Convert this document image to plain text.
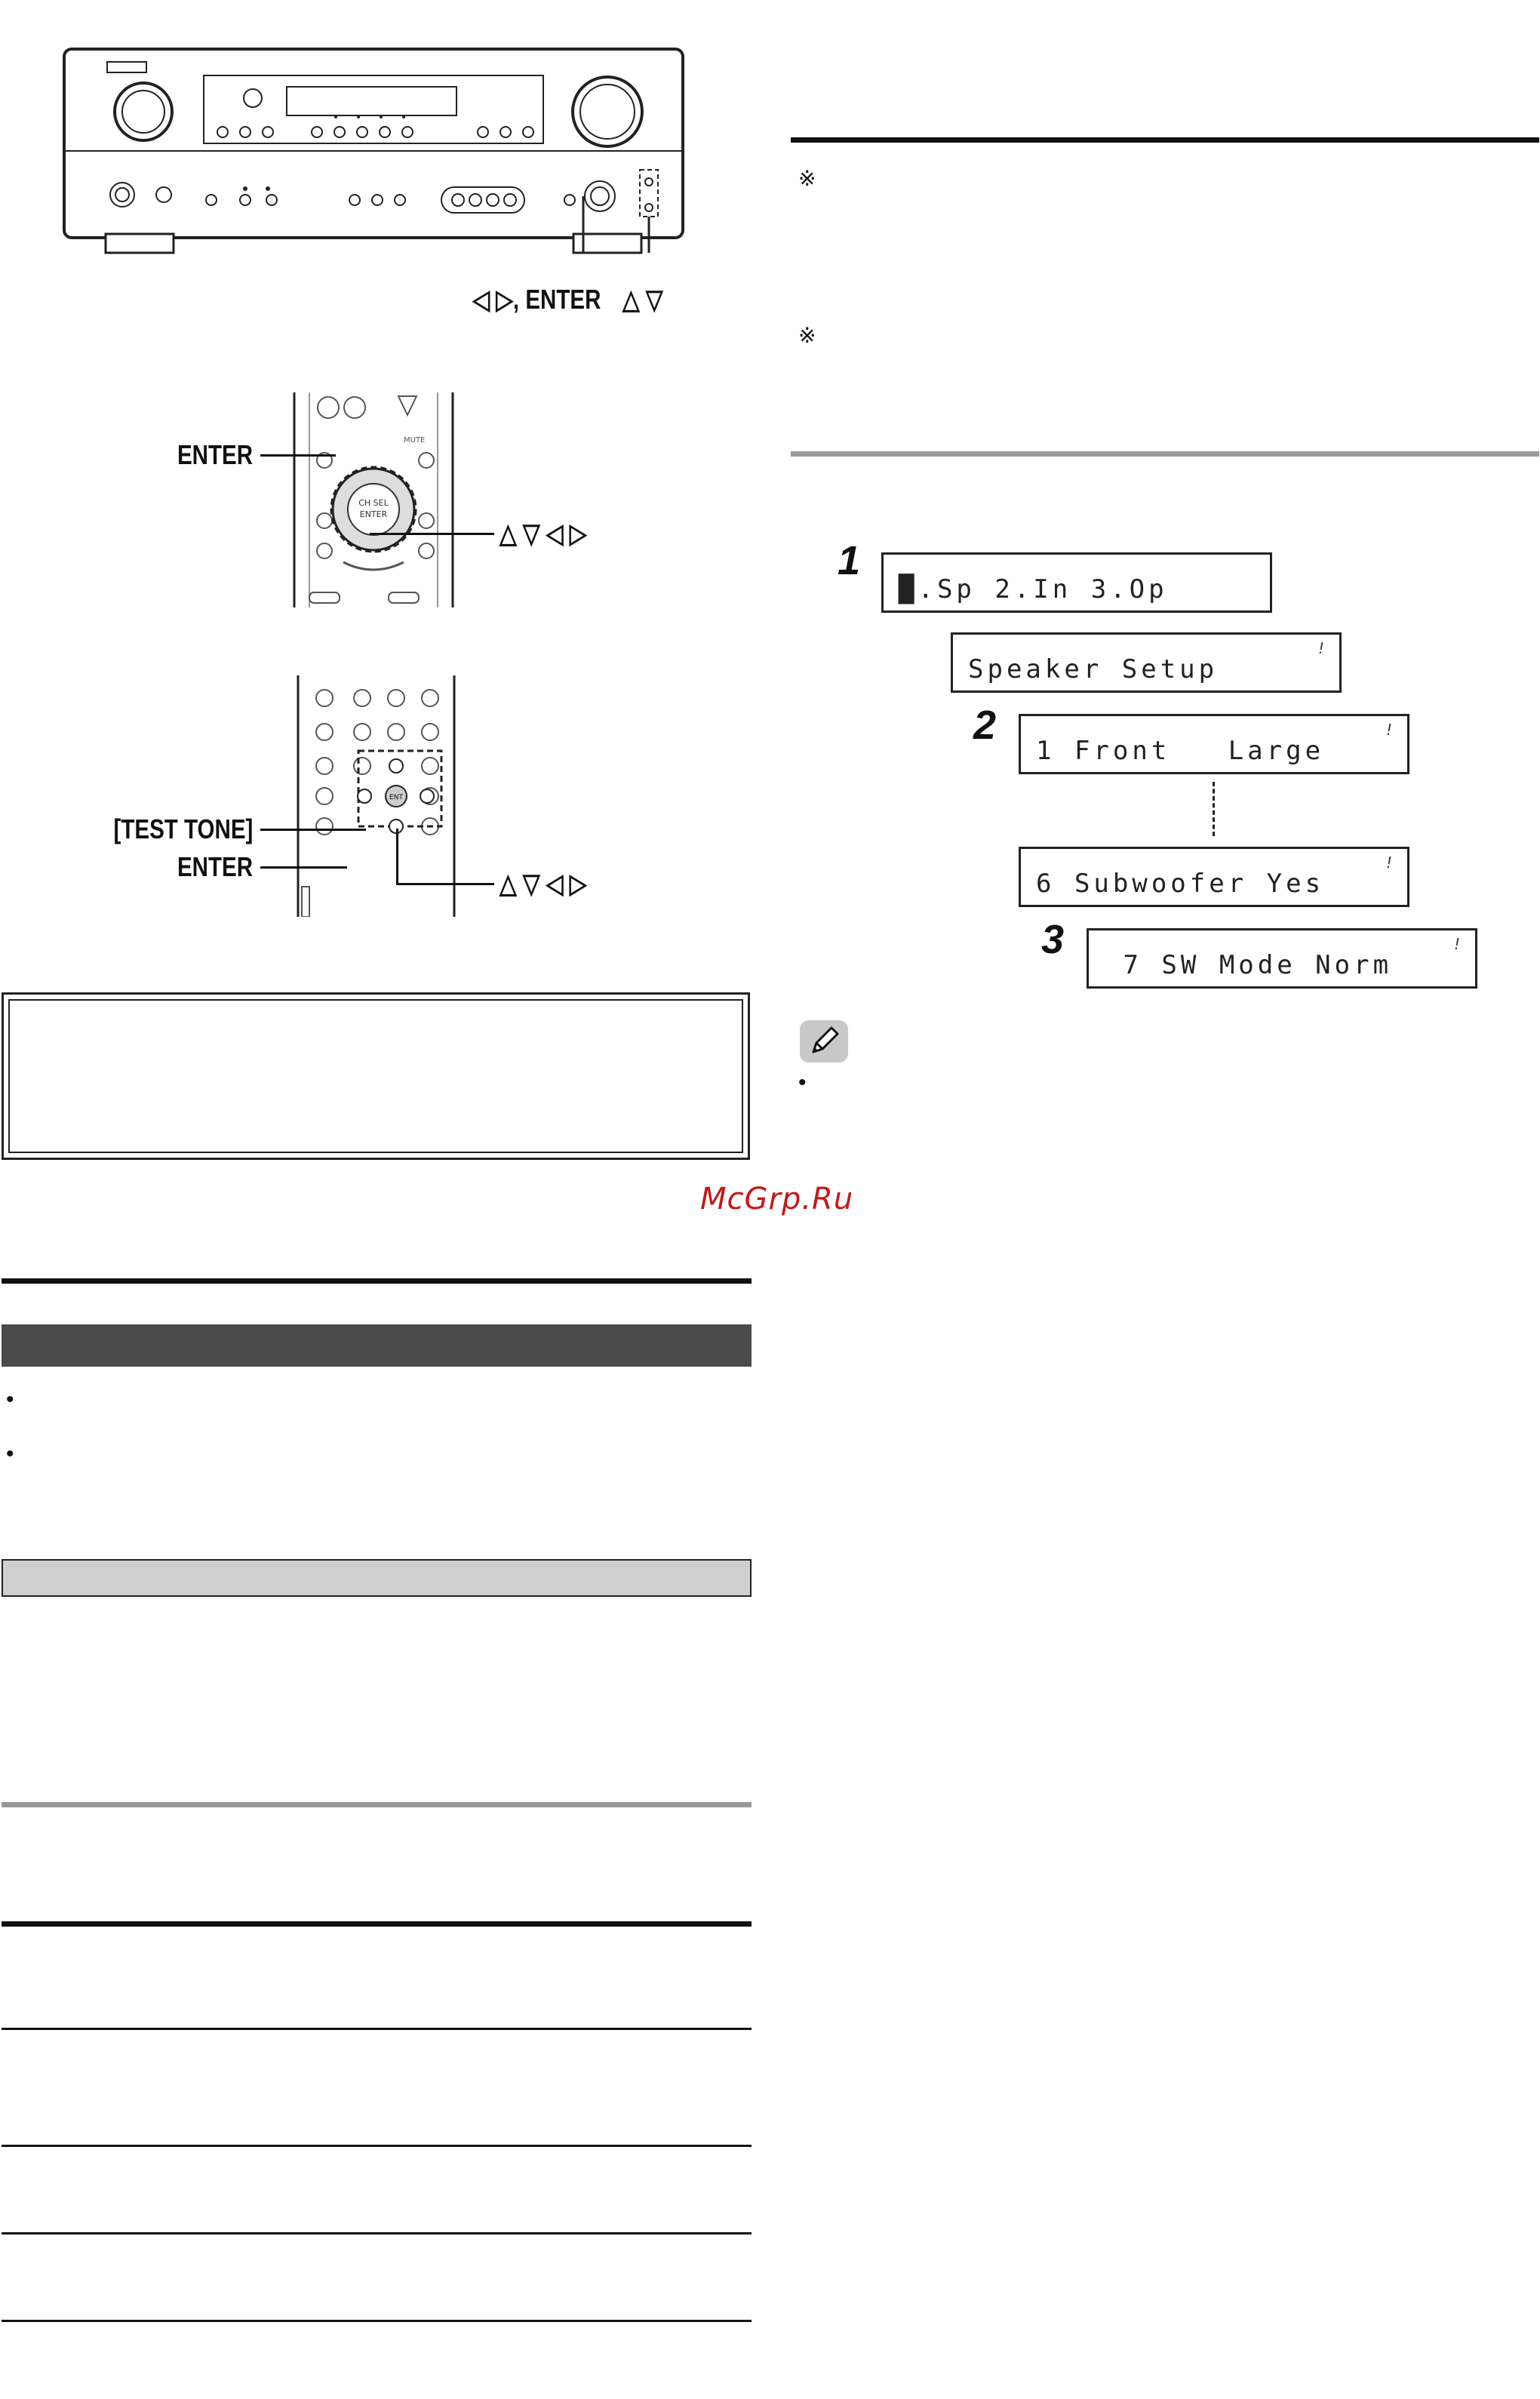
◁ ▷, ENTER △ ▽
CH SEL
ENTER
MUTE
ENTER
△ ▽ ◁ ▷
ENT
[TEST TONE]
ENTER
△ ▽ ◁ ▷
McGrp.Ru
•
•
※
※
1
█.Sp 2.In 3.Op
!
Speaker Setup
2	!
1 Front   Large
!
6 Subwoofer Yes
3	!
7 SW Mode Norm
•
